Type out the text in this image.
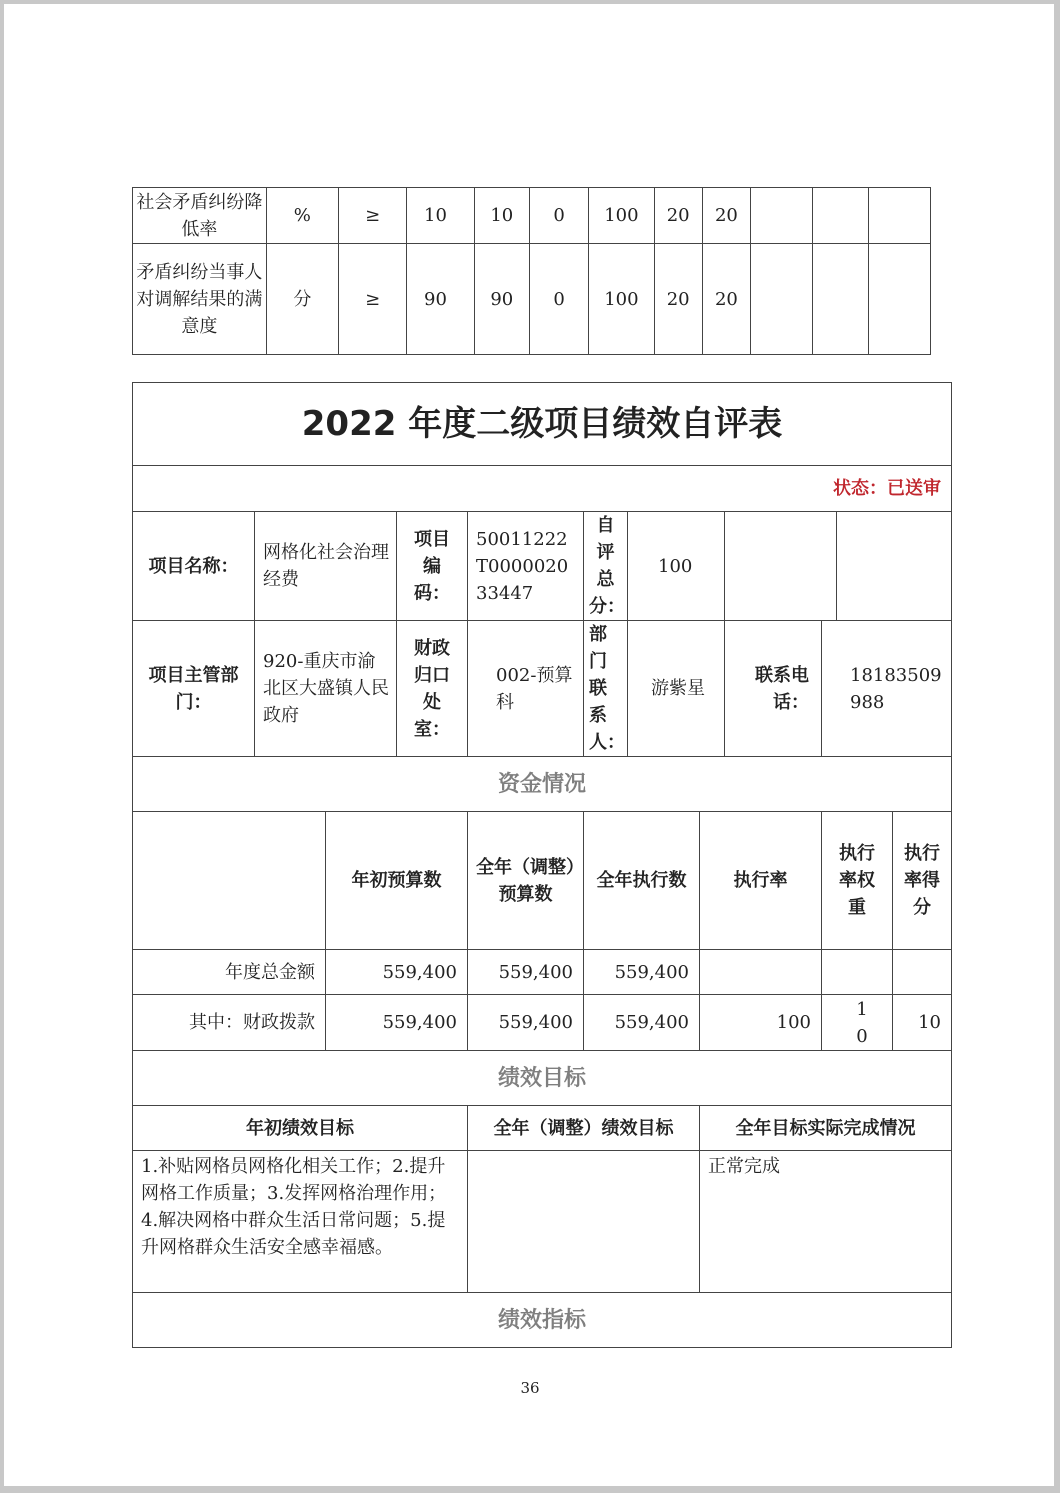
社会矛盾纠纷降低率	%	≥	10	10	0	100	20	20			
矛盾纠纷当事人对调解结果的满意度	分	≥	90	90	0	100	20	20			

2022 年度二级项目绩效自评表												
状态：已送审												
项目名称：	网格化社会治理经费		项目编码：	50011222T000002033447		自评总分：	100					
项目主管部门：	920-重庆市渝北区大盛镇人民政府		财政归口处室：	002-预算科		部门联系人：	游紫星		联系电话：	18183509988		
资金情况												
		年初预算数		全年（调整）预算数		全年执行数		执行率		执行率权重		执行率得分
年度总金额		559,400		559,400		559,400						
其中：财政拨款		559,400		559,400		559,400		100		10		10
绩效目标												
年初绩效目标				全年（调整）绩效目标				全年目标实际完成情况				
1.补贴网格员网格化相关工作；2.提升网格工作质量；3.发挥网格治理作用；4.解决网格中群众生活日常问题；5.提升网格群众生活安全感幸福感。								正常完成				
绩效指标												
36
